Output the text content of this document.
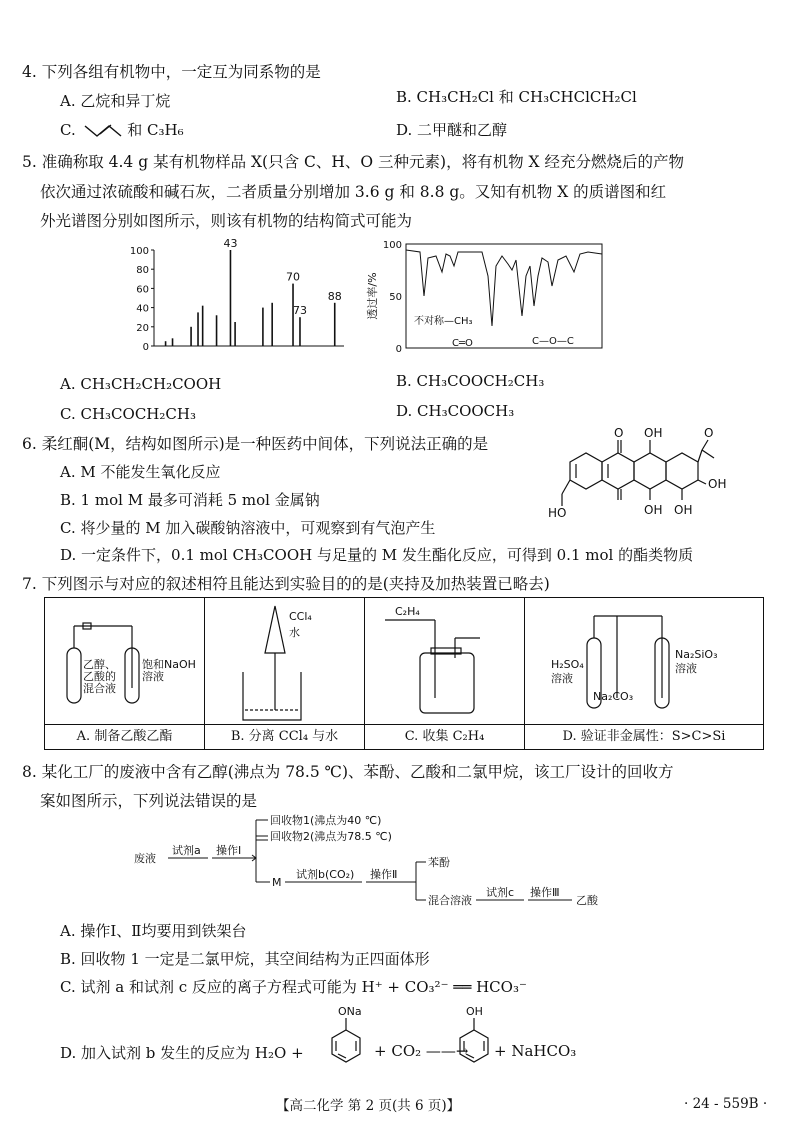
4. 下列各组有机物中，一定互为同系物的是
A. 乙烷和异丁烷	B. CH₃CH₂Cl 和 CH₃CHClCH₂Cl
C.	和 C₃H₆	D. 二甲醚和乙醇
5. 准确称取 4.4 g 某有机物样品 X(只含 C、H、O 三种元素)，将有机物 X 经充分燃烧后的产物
依次通过浓硫酸和碱石灰，二者质量分别增加 3.6 g 和 8.8 g。又知有机物 X 的质谱图和红
外光谱图分别如图所示，则该有机物的结构简式可能为
100
80
60
40
20
0
43
70
73
88
100
50
0
透过率/%
不对称—CH₃
C═O	C—O—C
A. CH₃CH₂CH₂COOH	B. CH₃COOCH₂CH₃
C. CH₃COCH₂CH₃	D. CH₃COOCH₃
6. 柔红酮(M，结构如图所示)是一种医药中间体，下列说法正确的是
A. M 不能发生氧化反应
B. 1 mol M 最多可消耗 5 mol 金属钠
C. 将少量的 M 加入碳酸钠溶液中，可观察到有气泡产生
D. 一定条件下，0.1 mol CH₃COOH 与足量的 M 发生酯化反应，可得到 0.1 mol 的酯类物质
O OH	O
OH
OH
HO	OH
7. 下列图示与对应的叙述相符且能达到实验目的的是(夹持及加热装置已略去)
乙醇、
乙酸的
混合液
饱和NaOH
溶液
A. 制备乙酸乙酯
CCl₄
水
B. 分离 CCl₄ 与水
C₂H₄
C. 收集 C₂H₄
H₂SO₄
溶液
Na₂CO₃
Na₂SiO₃
溶液
D. 验证非金属性：S>C>Si
8. 某化工厂的废液中含有乙醇(沸点为 78.5 ℃)、苯酚、乙酸和二氯甲烷，该工厂设计的回收方
案如图所示，下列说法错误的是
废液
试剂a 操作Ⅰ
回收物1(沸点为40 ℃)
回收物2(沸点为78.5 ℃)
M
试剂b(CO₂) 操作Ⅱ
苯酚
混合溶液
试剂c 操作Ⅲ
乙酸
A. 操作Ⅰ、Ⅱ均要用到铁架台
B. 回收物 1 一定是二氯甲烷，其空间结构为正四面体形
C. 试剂 a 和试剂 c 反应的离子方程式可能为 H⁺ + CO₃²⁻ ══ HCO₃⁻
D. 加入试剂 b 发生的反应为 H₂O +
ONa
+ CO₂ ——→
OH
+ NaHCO₃
【高二化学 第 2 页(共 6 页)】	· 24 - 559B ·
